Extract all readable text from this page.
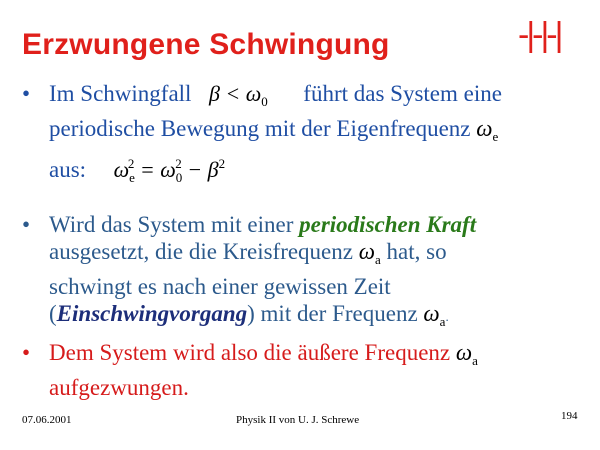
Erzwungene Schwingung	-|-|-|
• Im Schwingfall $\beta < \omega_0$ führt das System eine
periodische Bewegung mit der Eigenfrequenz $\omega_e$
aus: $\omega_e^2 = \omega_0^2 - \beta^2$
• Wird das System mit einer periodischen Kraft
ausgesetzt, die die Kreisfrequenz $\omega_a$ hat, so
schwingt es nach einer gewissen Zeit
(Einschwingvorgang) mit der Frequenz $\omega_a$.
• Dem System wird also die äußere Frequenz $\omega_a$
aufgezwungen.
07.06.2001	Physik II von U. J. Schrewe	194
